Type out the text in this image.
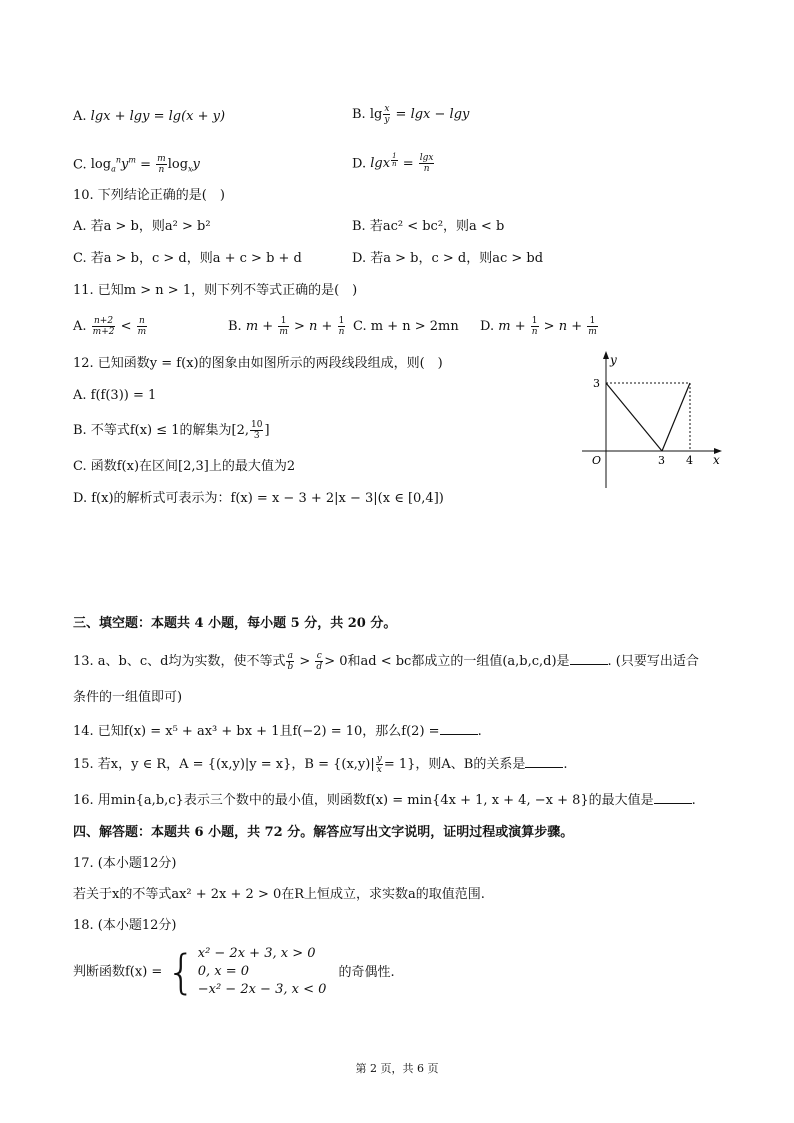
A. lgx + lgy = lg(x + y)	B. $\lg \frac{x}{y} = \lg x - \lg y$
C. $\log_a^ny^m = \frac{m}{n} \log_xy$	D. lgx $^{\frac{1}{n}} = \frac{\lg x}{n}$
10. 下列结论正确的是(　)
A. 若a > b，则a² > b²	B. 若ac² < bc²，则a < b
C. 若a > b，c > d，则a + c > b + d	D. 若a > b，c > d，则ac > bd
11. 已知m > n > 1，则下列不等式正确的是(　)
A. $\frac{n+2}{m+2} < \frac{n}{m}$	B. $m + \frac{1}{m} > n + \frac{1}{n} C$. m + n > 2mn D. $m + \frac{1}{n} > n + \frac{1}{m}$
12. 已知函数y = f(x)的图象由如图所示的两段线段组成，则(　)
A. f(f(3)) = 1
B. 不等式f(x) ≤ 1的解集为[2, $\frac{10}{3}$ ]
C. 函数f(x)在区间[2,3]上的最大值为2
D. f(x)的解析式可表示为：f(x) = x − 3 + 2|x − 3|(x ∈ [0,4])
y
x
O
3
3 4
三、填空题：本题共 4 小题，每小题 5 分，共 20 分。
13. a、b、c、d均为实数，使不等式 $\frac{a}{b} > \frac{c}{d} > 0$和ad < bc都成立的一组值(a,b,c,d)是	. (只要写出适合
条件的一组值即可)
14. 已知f(x) = x⁵ + ax³ + bx + 1且f(−2) = 10，那么f(2) =	.
15. 若x，y ∈ R，A = {(x,y)|y = x}，$B = \{(x,y)| \frac{y}{x} = 1\}$，则A、B的关系是	.
16. 用min{a,b,c}表示三个数中的最小值，则函数f(x) = min{4x + 1, x + 4, −x + 8}的最大值是	.
四、解答题：本题共 6 小题，共 72 分。解答应写出文字说明，证明过程或演算步骤。
17. (本小题12分)
若关于x的不等式ax² + 2x + 2 > 0在R上恒成立，求实数a的取值范围.
18. (本小题12分)
判断函数f(x) = { x² − 2x + 3, x > 0
0, x = 0
−x² − 2x − 3, x < 0
的奇偶性.
第 2 页，共 6 页
